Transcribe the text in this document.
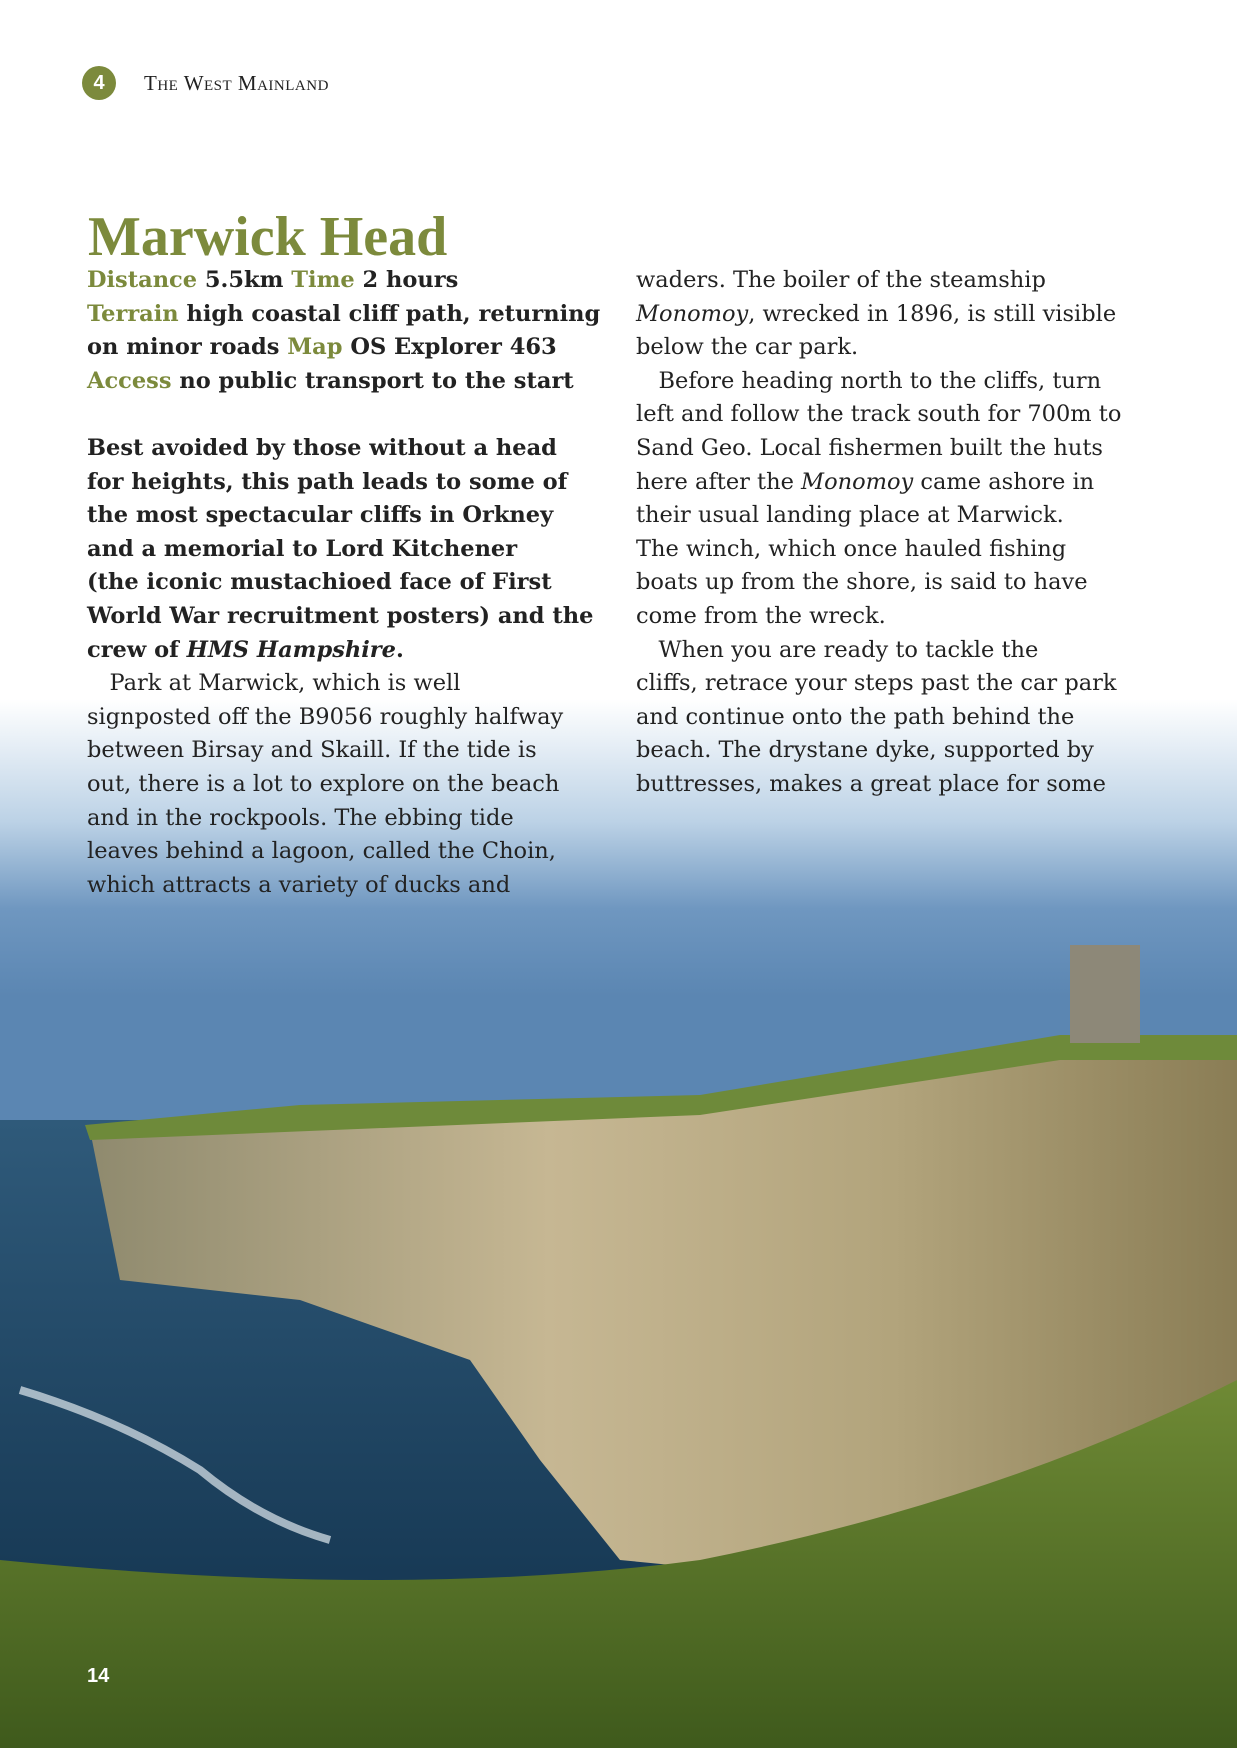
4	The West Mainland
Marwick Head
Distance 5.5km Time 2 hours
Terrain high coastal cliff path, returning
on minor roads Map OS Explorer 463
Access no public transport to the start
Best avoided by those without a head
for heights, this path leads to some of
the most spectacular cliffs in Orkney
and a memorial to Lord Kitchener
(the iconic mustachioed face of First
World War recruitment posters) and the
crew of HMS Hampshire.
 Park at Marwick, which is well
signposted off the B9056 roughly halfway
between Birsay and Skaill. If the tide is
out, there is a lot to explore on the beach
and in the rockpools. The ebbing tide
leaves behind a lagoon, called the Choin,
which attracts a variety of ducks and
waders. The boiler of the steamship
Monomoy, wrecked in 1896, is still visible
below the car park.
 Before heading north to the cliffs, turn
left and follow the track south for 700m to
Sand Geo. Local fishermen built the huts
here after the Monomoy came ashore in
their usual landing place at Marwick.
The winch, which once hauled fishing
boats up from the shore, is said to have
come from the wreck.
 When you are ready to tackle the
cliffs, retrace your steps past the car park
and continue onto the path behind the
beach. The drystane dyke, supported by
buttresses, makes a great place for some
14
